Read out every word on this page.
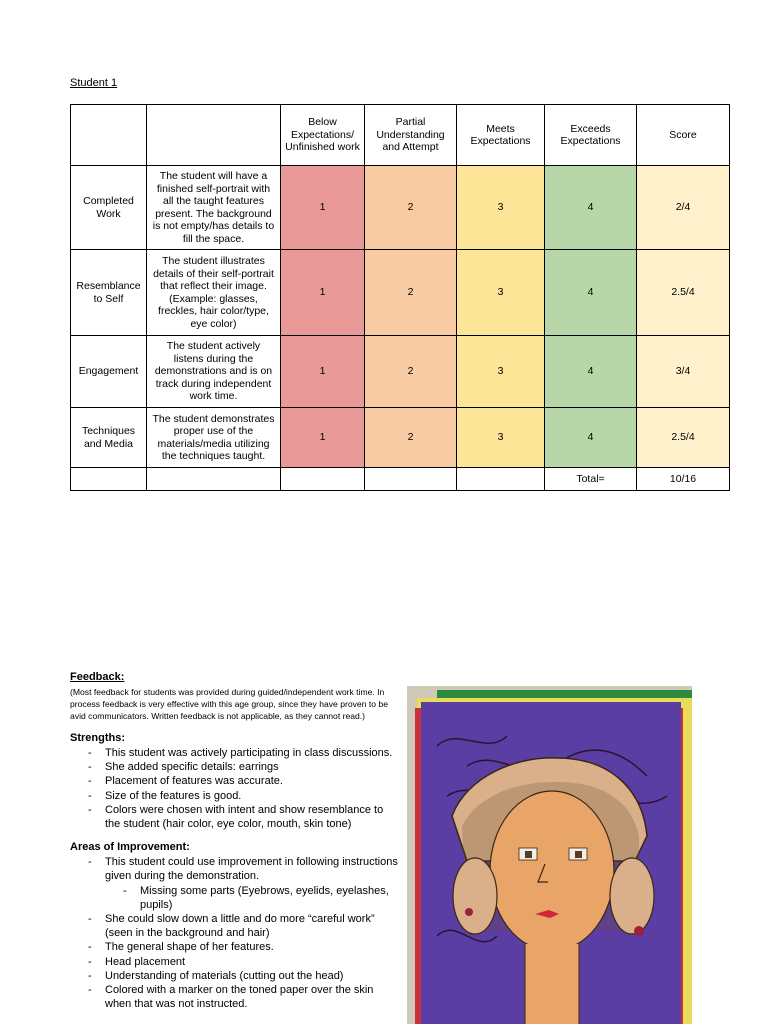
Student 1
		Below Expectations/ Unfinished work	Partial Understanding and Attempt	Meets Expectations	Exceeds Expectations	Score
Completed Work	The student will have a finished self-portrait with all the taught features present. The background is not empty/has details to fill the space.	1	2	3	4	2/4
Resemblance to Self	The student illustrates details of their self-portrait that reflect their image. (Example: glasses, freckles, hair color/type, eye color)	1	2	3	4	2.5/4
Engagement	The student actively listens during the demonstrations and is on track during independent work time.	1	2	3	4	3/4
Techniques and Media	The student demonstrates proper use of the materials/media utilizing the techniques taught.	1	2	3	4	2.5/4
					Total=	10/16
Feedback:
(Most feedback for students was provided during guided/independent work time. In process feedback is very effective with this age group, since they have proven to be avid communicators. Written feedback is not applicable, as they cannot read.)
Strengths:
- This student was actively participating in class discussions.
- She added specific details: earrings
- Placement of features was accurate.
- Size of the features is good.
- Colors were chosen with intent and show resemblance to the student (hair color, eye color, mouth, skin tone)
Areas of Improvement:
- This student could use improvement in following instructions given during the demonstration.
- Missing some parts (Eyebrows, eyelids, eyelashes, pupils)
- She could slow down a little and do more “careful work” (seen in the background and hair)
- The general shape of her features.
- Head placement
- Understanding of materials (cutting out the head)
- Colored with a marker on the toned paper over the skin when that was not instructed.
